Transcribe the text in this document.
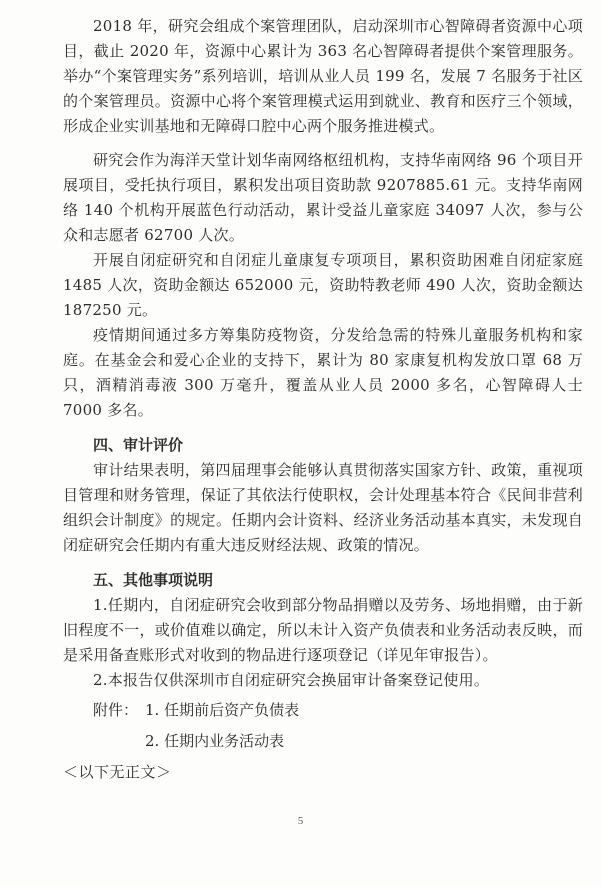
2018 年，研究会组成个案管理团队，启动深圳市心智障碍者资源中心项目，截止 2020 年，资源中心累计为 363 名心智障碍者提供个案管理服务。举办“个案管理实务”系列培训，培训从业人员 199 名，发展 7 名服务于社区的个案管理员。资源中心将个案管理模式运用到就业、教育和医疗三个领域，形成企业实训基地和无障碍口腔中心两个服务推进模式。

研究会作为海洋天堂计划华南网络枢纽机构，支持华南网络 96 个项目开展项目，受托执行项目，累积发出项目资助款 9207885.61 元。支持华南网络 140 个机构开展蓝色行动活动，累计受益儿童家庭 34097 人次，参与公众和志愿者 62700 人次。

开展自闭症研究和自闭症儿童康复专项项目，累积资助困难自闭症家庭 1485 人次，资助金额达 652000 元，资助特教老师 490 人次，资助金额达 187250 元。

疫情期间通过多方筹集防疫物资，分发给急需的特殊儿童服务机构和家庭。在基金会和爱心企业的支持下，累计为 80 家康复机构发放口罩 68 万只，酒精消毒液 300 万毫升，覆盖从业人员 2000 多名，心智障碍人士 7000 多名。

四、审计评价

审计结果表明，第四届理事会能够认真贯彻落实国家方针、政策，重视项目管理和财务管理，保证了其依法行使职权，会计处理基本符合《民间非营利组织会计制度》的规定。任期内会计资料、经济业务活动基本真实，未发现自闭症研究会任期内有重大违反财经法规、政策的情况。

五、其他事项说明

1.任期内，自闭症研究会收到部分物品捐赠以及劳务、场地捐赠，由于新旧程度不一，或价值难以确定，所以未计入资产负债表和业务活动表反映，而是采用备查账形式对收到的物品进行逐项登记（详见年审报告）。

2.本报告仅供深圳市自闭症研究会换届审计备案登记使用。

附件： 1. 任期前后资产负债表
2. 任期内业务活动表
＜以下无正文＞
5
